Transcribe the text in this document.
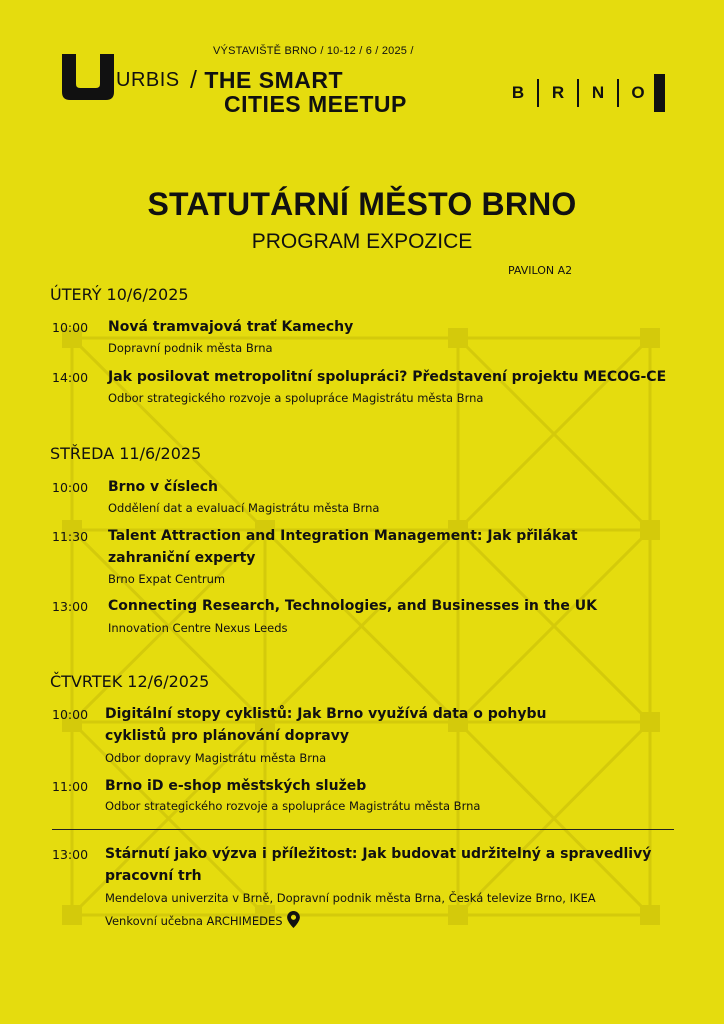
VÝSTAVIŠTĚ BRNO / 10-12 / 6 / 2025 /
URBIS / THE SMART
CITIES MEETUP	B R N O
STATUTÁRNÍ MĚSTO BRNO
PROGRAM EXPOZICE
PAVILON A2
ÚTERÝ 10/6/2025
10:00 Nová tramvajová trať Kamechy
Dopravní podnik města Brna
14:00 Jak posilovat metropolitní spolupráci? Představení projektu MECOG-CE
Odbor strategického rozvoje a spolupráce Magistrátu města Brna
STŘEDA 11/6/2025
10:00 Brno v číslech
Oddělení dat a evaluací Magistrátu města Brna
11:30 Talent Attraction and Integration Management: Jak přilákat zahraniční experty
Brno Expat Centrum
13:00 Connecting Research, Technologies, and Businesses in the UK
Innovation Centre Nexus Leeds
ČTVRTEK 12/6/2025
10:00 Digitální stopy cyklistů: Jak Brno využívá data o pohybu cyklistů pro plánování dopravy
Odbor dopravy Magistrátu města Brna
11:00 Brno iD e-shop městských služeb
Odbor strategického rozvoje a spolupráce Magistrátu města Brna
13:00 Stárnutí jako výzva i příležitost: Jak budovat udržitelný a spravedlivý pracovní trh
Mendelova univerzita v Brně, Dopravní podnik města Brna, Česká televize Brno, IKEA
Venkovní učebna ARCHIMEDES
